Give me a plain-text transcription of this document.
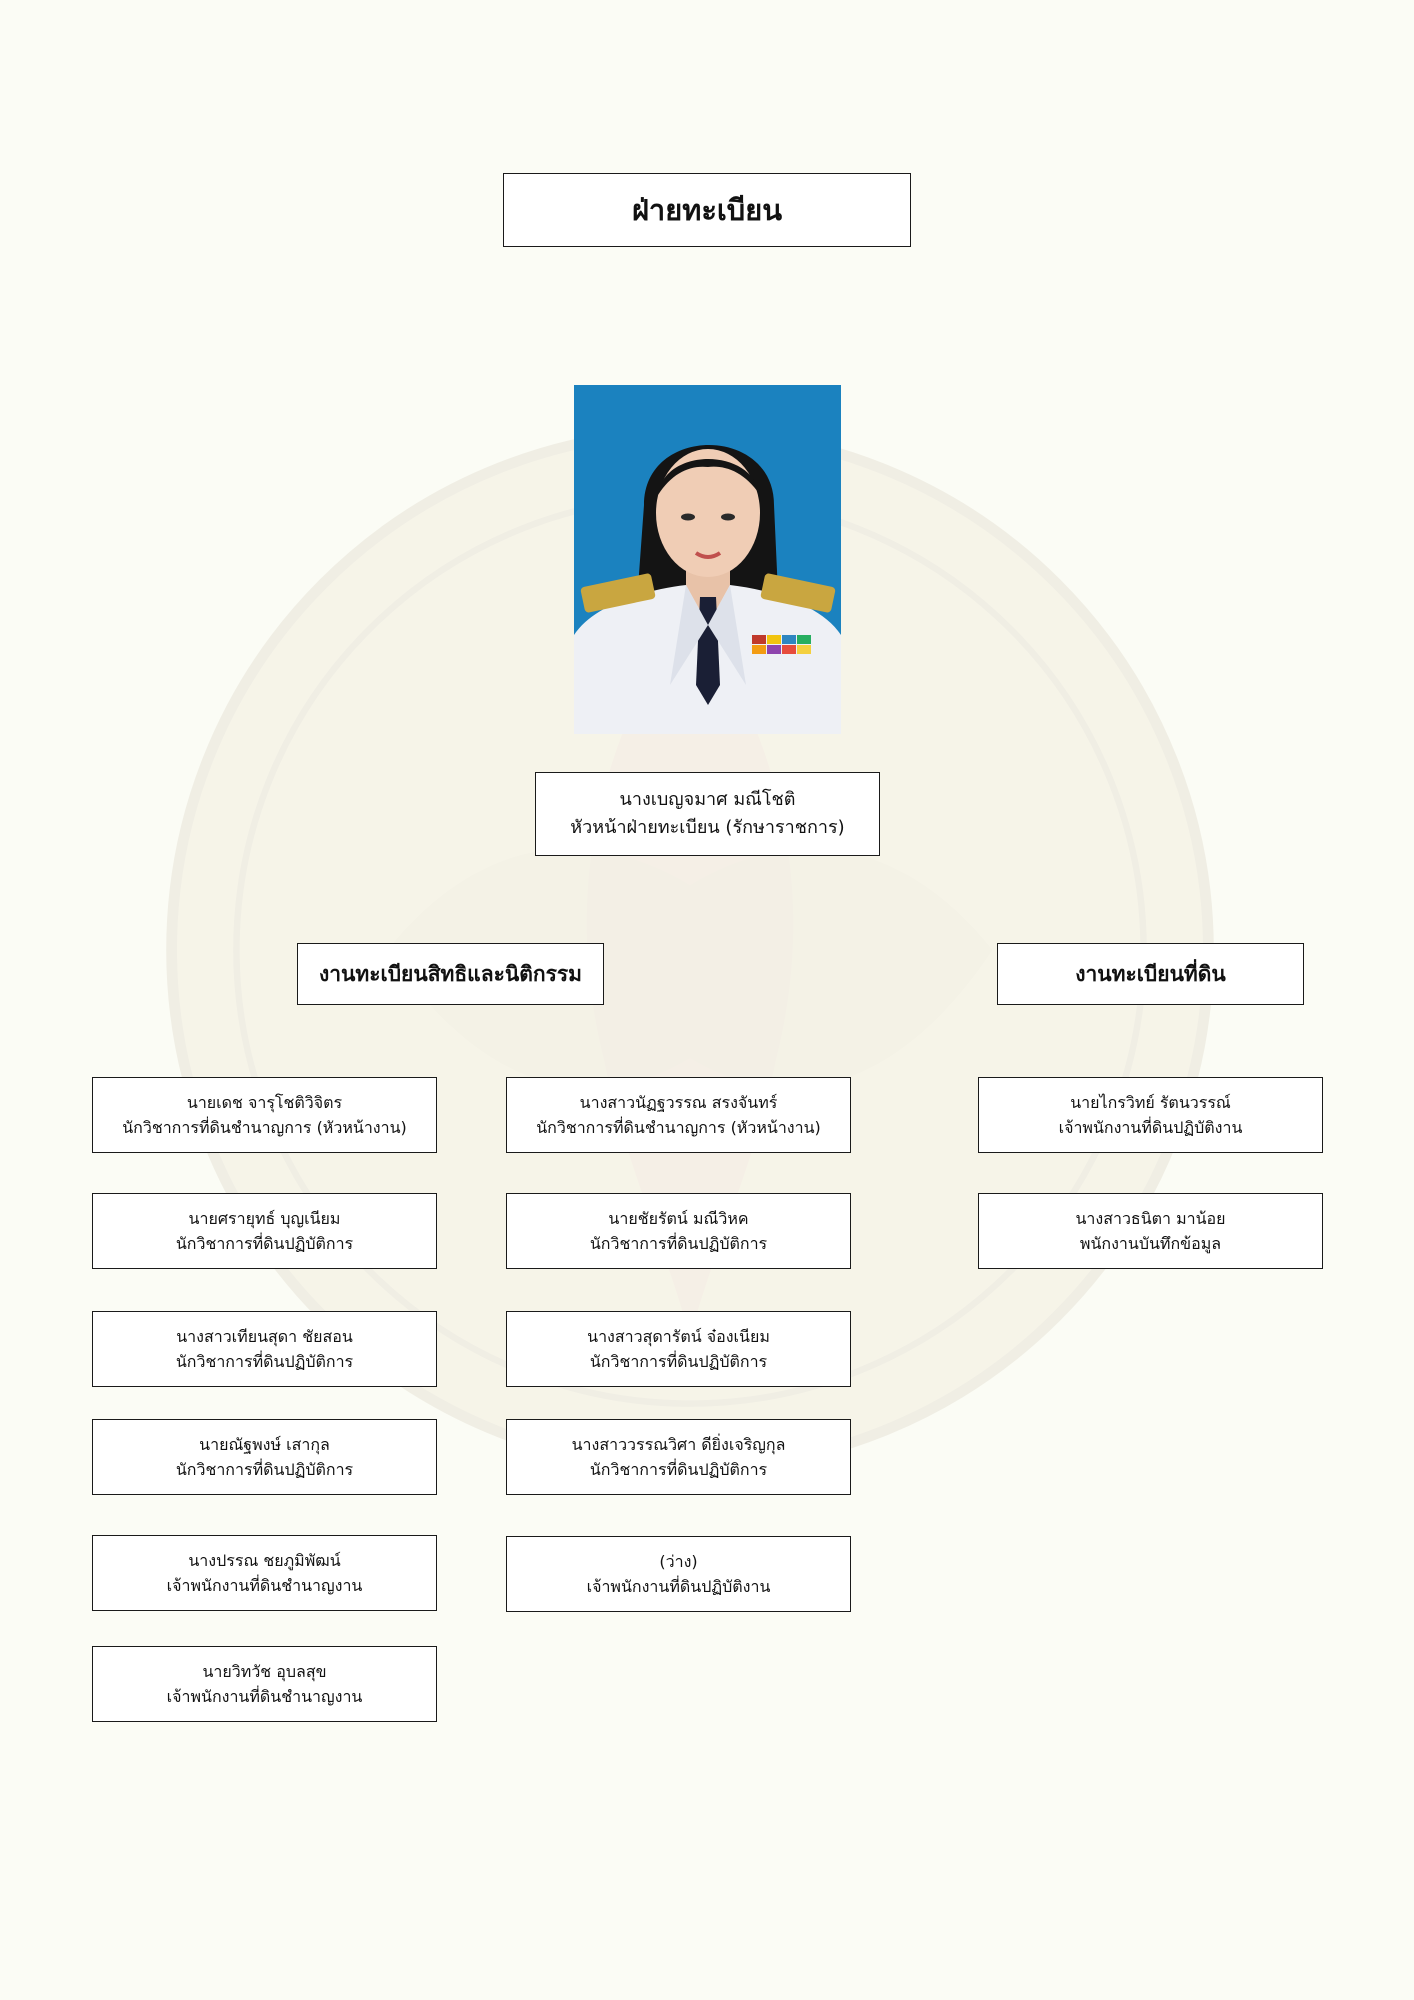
ฝ่ายทะเบียน
นางเบญจมาศ มณีโชติ
หัวหน้าฝ่ายทะเบียน (รักษาราชการ)
งานทะเบียนสิทธิและนิติกรรม	งานทะเบียนที่ดิน
นายเดช จารุโชติวิจิตร
นักวิชาการที่ดินชำนาญการ (หัวหน้างาน)
นายศรายุทธ์ บุญเนียม
นักวิชาการที่ดินปฏิบัติการ
นางสาวเทียนสุดา ชัยสอน
นักวิชาการที่ดินปฏิบัติการ
นายณัฐพงษ์ เสากุล
นักวิชาการที่ดินปฏิบัติการ
นางปรรณ ชยภูมิพัฒน์
เจ้าพนักงานที่ดินชำนาญงาน
นายวิทวัช อุบลสุข
เจ้าพนักงานที่ดินชำนาญงาน
นางสาวนัฏฐวรรณ สรงจันทร์
นักวิชาการที่ดินชำนาญการ (หัวหน้างาน)
นายชัยรัตน์ มณีวิหค
นักวิชาการที่ดินปฏิบัติการ
นางสาวสุดารัตน์ จ๋องเนียม
นักวิชาการที่ดินปฏิบัติการ
นางสาววรรณวิศา ดียิ่งเจริญกุล
นักวิชาการที่ดินปฏิบัติการ
(ว่าง)
เจ้าพนักงานที่ดินปฏิบัติงาน
นายไกรวิทย์ รัตนวรรณ์
เจ้าพนักงานที่ดินปฏิบัติงาน
นางสาวธนิตา มาน้อย
พนักงานบันทึกข้อมูล
